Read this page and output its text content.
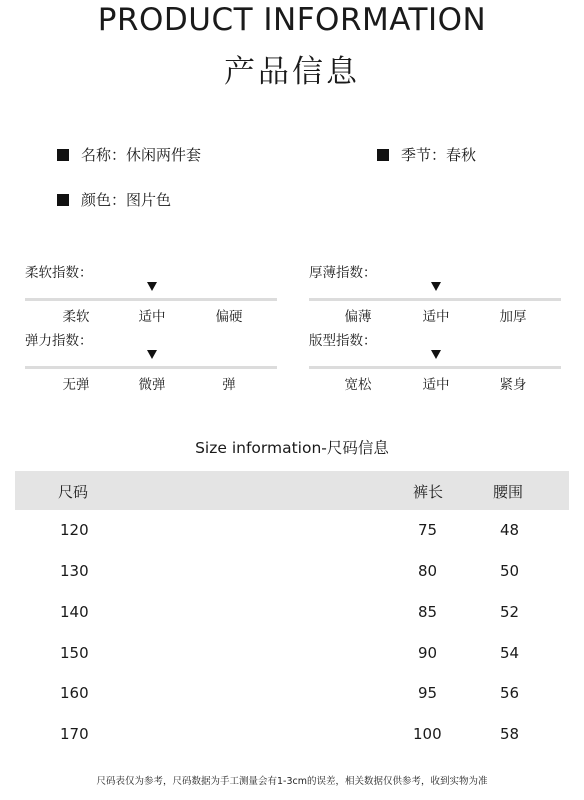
PRODUCT INFORMATION
产品信息
名称：休闲两件套	季节：春秋
颜色：图片色
柔软指数：
柔软	适中	偏硬
厚薄指数：
偏薄	适中	加厚
弹力指数：
无弹	微弹	弹
版型指数：
宽松	适中	紧身
Size information-尺码信息
尺码	裤长	腰围
120	75	48
130	80	50
140	85	52
150	90	54
160	95	56
170	100	58
尺码表仅为参考，尺码数据为手工测量会有1-3cm的误差，相关数据仅供参考，收到实物为准
